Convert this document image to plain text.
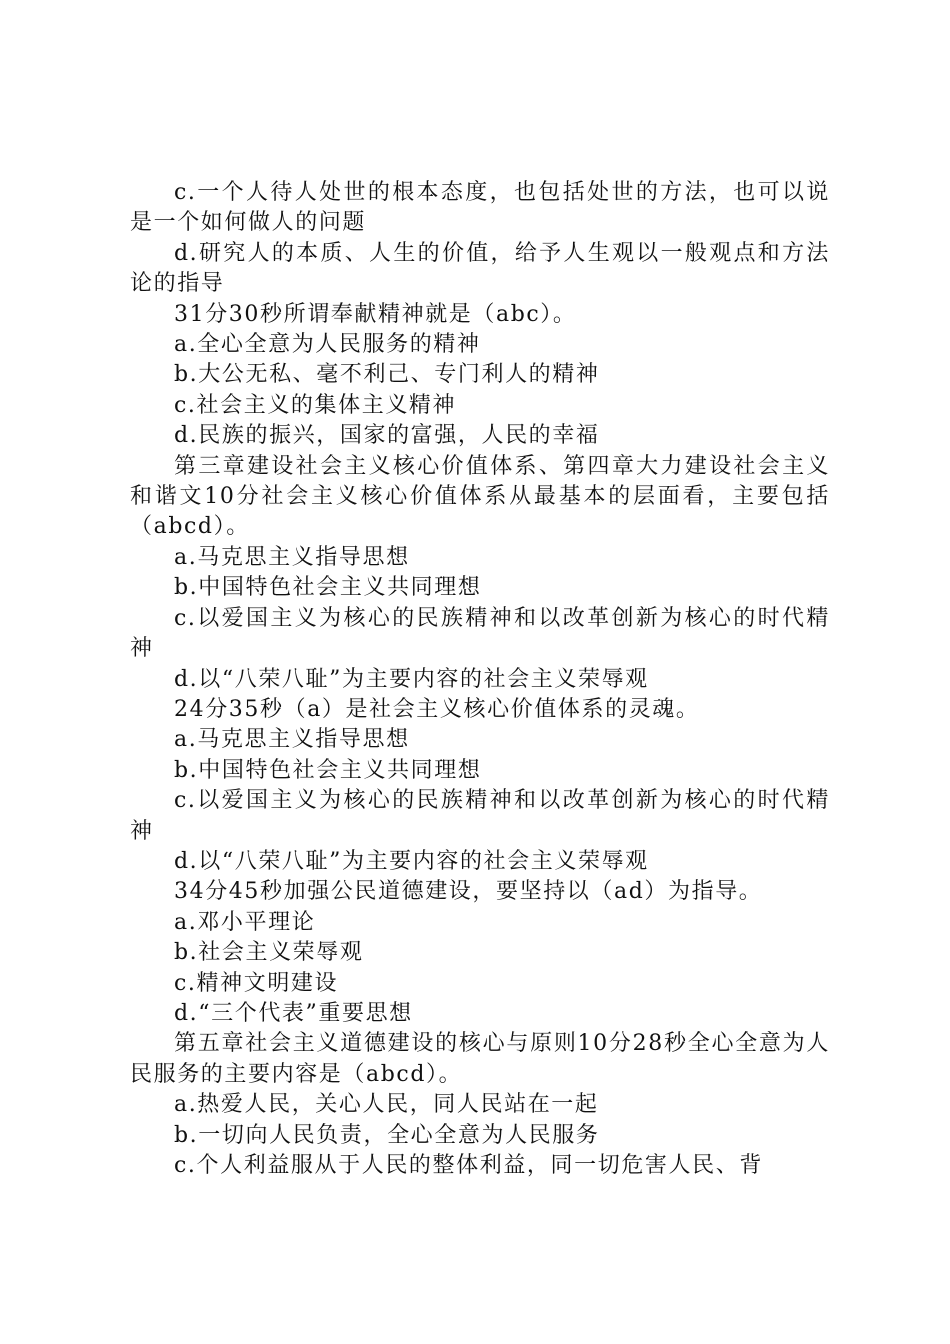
c.一个人待人处世的根本态度，也包括处世的方法，也可以说是一个如何做人的问题

d.研究人的本质、人生的价值，给予人生观以一般观点和方法论的指导

31分30秒所谓奉献精神就是（abc）。

a.全心全意为人民服务的精神

b.大公无私、毫不利己、专门利人的精神

c.社会主义的集体主义精神

d.民族的振兴，国家的富强，人民的幸福

第三章建设社会主义核心价值体系、第四章大力建设社会主义和谐文10分社会主义核心价值体系从最基本的层面看，主要包括（abcd）。

a.马克思主义指导思想

b.中国特色社会主义共同理想

c.以爱国主义为核心的民族精神和以改革创新为核心的时代精神

d.以“八荣八耻”为主要内容的社会主义荣辱观

24分35秒（a）是社会主义核心价值体系的灵魂。

a.马克思主义指导思想

b.中国特色社会主义共同理想

c.以爱国主义为核心的民族精神和以改革创新为核心的时代精神

d.以“八荣八耻”为主要内容的社会主义荣辱观

34分45秒加强公民道德建设，要坚持以（ad）为指导。

a.邓小平理论

b.社会主义荣辱观

c.精神文明建设

d.“三个代表”重要思想

第五章社会主义道德建设的核心与原则10分28秒全心全意为人民服务的主要内容是（abcd）。

a.热爱人民，关心人民，同人民站在一起

b.一切向人民负责，全心全意为人民服务

c.个人利益服从于人民的整体利益，同一切危害人民、背
